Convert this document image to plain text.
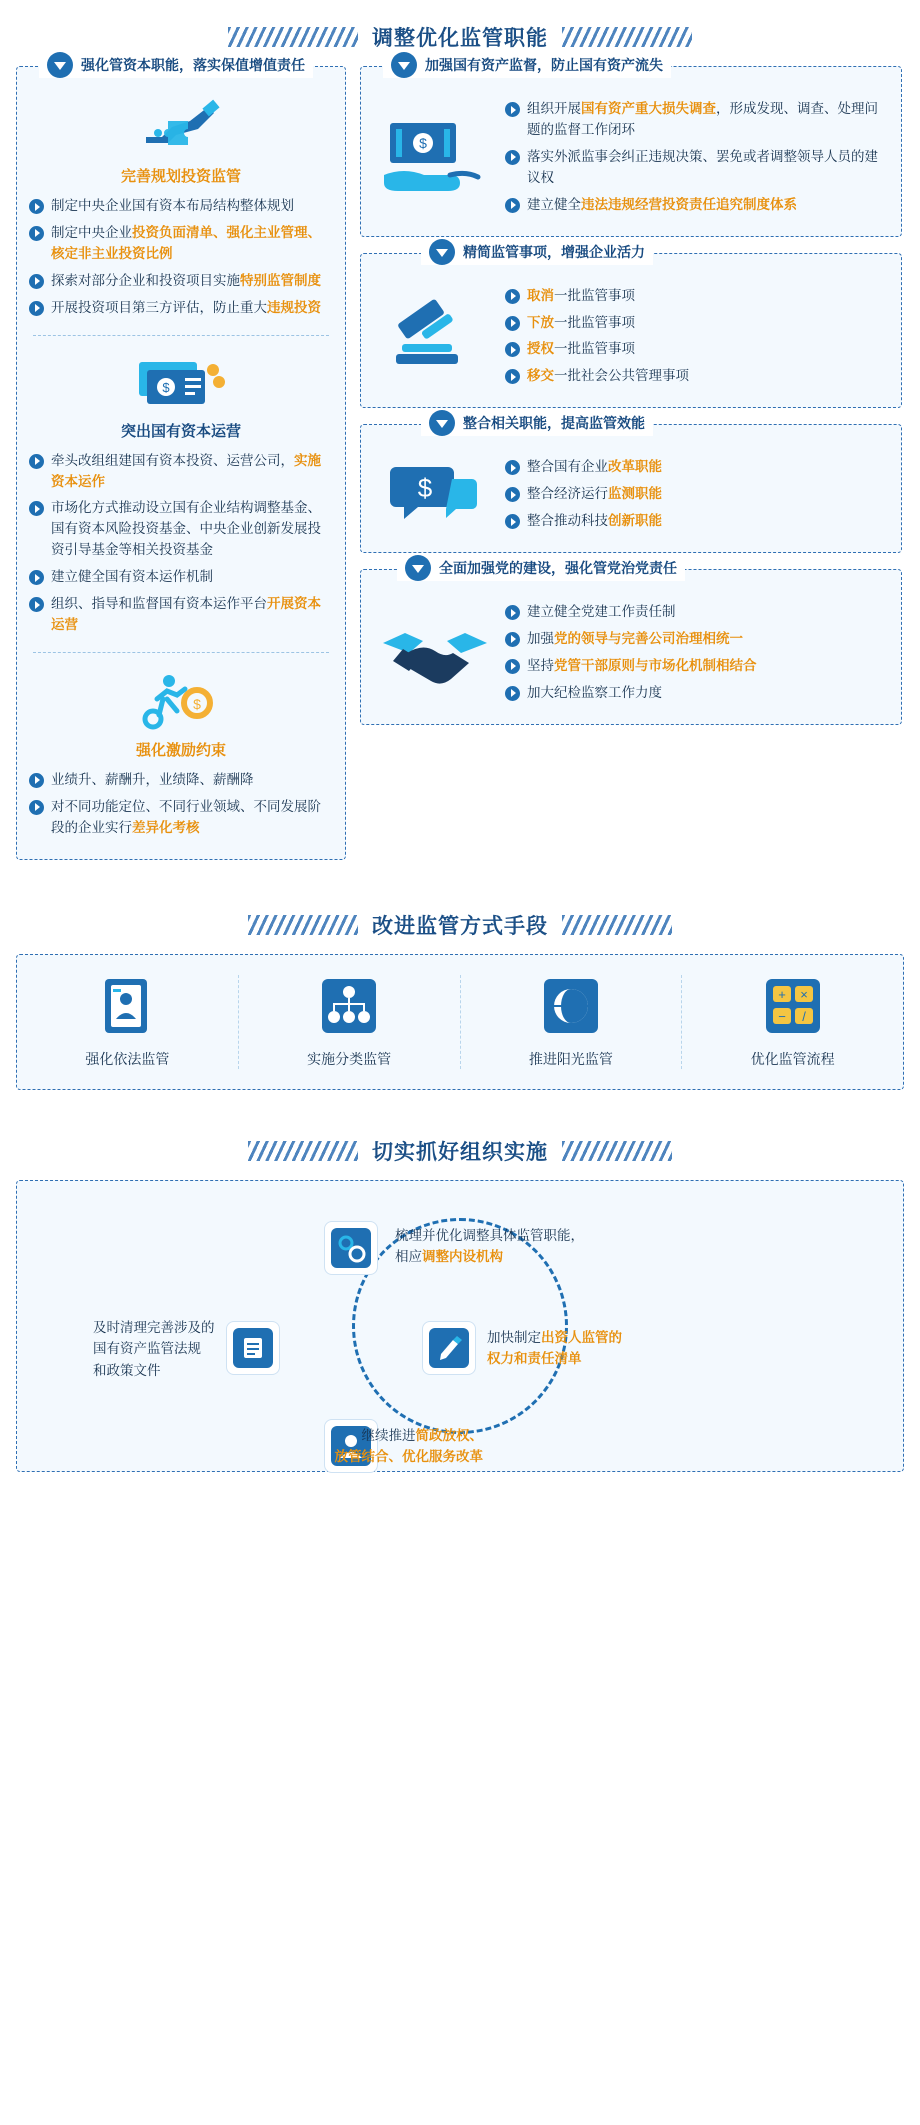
调整优化监管职能
强化管资本职能，落实保值增值责任
完善规划投资监管
制定中央企业国有资本布局结构整体规划
制定中央企业投资负面清单、强化主业管理、核定非主业投资比例
探索对部分企业和投资项目实施特别监管制度
开展投资项目第三方评估，防止重大违规投资
$
突出国有资本运营
牵头改组组建国有资本投资、运营公司，实施资本运作
市场化方式推动设立国有企业结构调整基金、国有资本风险投资基金、中央企业创新发展投资引导基金等相关投资基金
建立健全国有资本运作机制
组织、指导和监督国有资本运作平台开展资本运营
$
强化激励约束
业绩升、薪酬升，业绩降、薪酬降
对不同功能定位、不同行业领域、不同发展阶段的企业实行差异化考核
加强国有资产监督，防止国有资产流失
$
组织开展国有资产重大损失调查，形成发现、调查、处理问题的监督工作闭环
落实外派监事会纠正违规决策、罢免或者调整领导人员的建议权
建立健全违法违规经营投资责任追究制度体系
精简监管事项，增强企业活力
取消一批监管事项
下放一批监管事项
授权一批监管事项
移交一批社会公共管理事项
整合相关职能，提高监管效能
$
整合国有企业改革职能
整合经济运行监测职能
整合推动科技创新职能
全面加强党的建设，强化管党治党责任
建立健全党建工作责任制
加强党的领导与完善公司治理相统一
坚持党管干部原则与市场化机制相结合
加大纪检监察工作力度
改进监管方式手段
强化依法监管	实施分类监管	推进阳光监管
+ ×
− /
优化监管流程
切实抓好组织实施
梳理并优化调整具体监管职能，
相应调整内设机构
加快制定出资人监管的
权力和责任清单
继续推进简政放权、
放管结合、优化服务改革
及时清理完善涉及的
国有资产监管法规
和政策文件
